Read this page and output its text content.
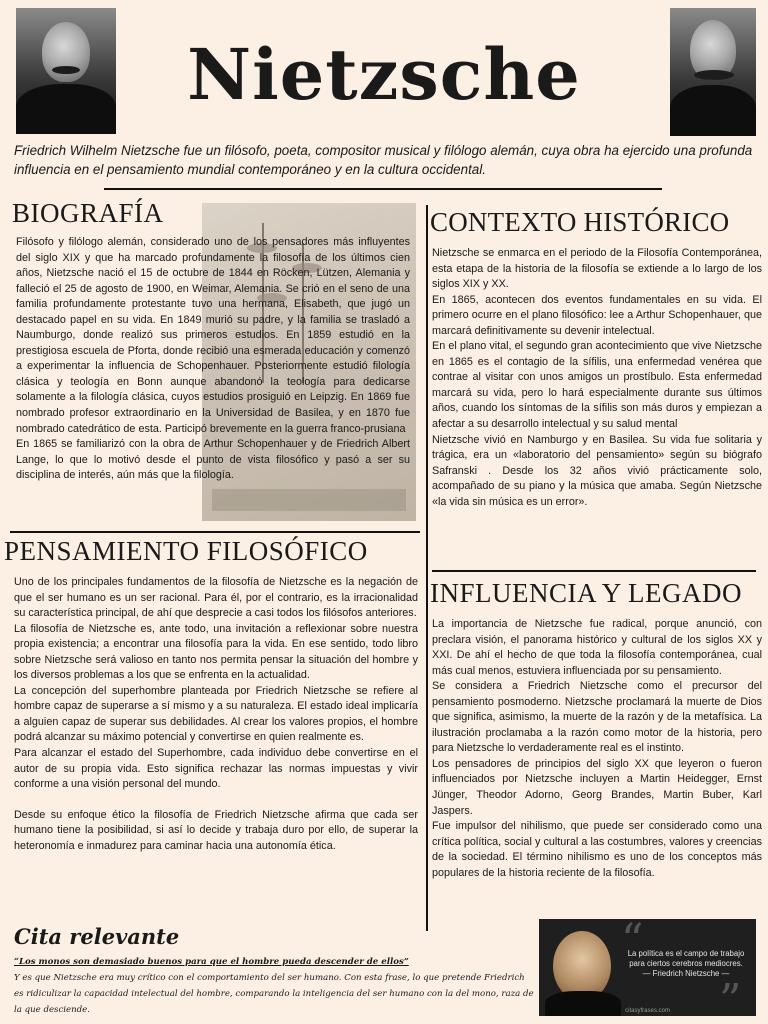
Nietzsche

Friedrich Wilhelm Nietzsche fue un filósofo, poeta, compositor musical y filólogo alemán, cuya obra ha ejercido una profunda influencia en el pensamiento mundial contemporáneo y en la cultura occidental.

BIOGRAFÍA

Filósofo y filólogo alemán, considerado uno de los pensadores más influyentes del siglo XIX y que ha marcado profundamente la filosofía de los últimos cien años, Nietzsche nació el 15 de octubre de 1844 en Röcken, Lützen, Alemania y falleció el 25 de agosto de 1900, en Weimar, Alemania. Se crió en el seno de una familia profundamente protestante tuvo una hermana, Elisabeth, que jugó un destacado papel en su vida. En 1849 murió su padre, y la familia se trasladó a Naumburgo, donde realizó sus primeros estudios. En 1859 estudió en la prestigiosa escuela de Pforta, donde recibió una esmerada educación y comenzó a experimentar la influencia de Schopenhauer. Posteriormente estudió filología clásica y teología en Bonn aunque abandonó la teología para dedicarse solamente a la filología clásica, cuyos estudios prosiguió en Leipzig. En 1869 fue nombrado profesor extraordinario en la Universidad de Basilea, y en 1870 fue nombrado catedrático de esta. Participó brevemente en la guerra franco-prusiana

En 1865 se familiarizó con la obra de Arthur Schopenhauer y de Friedrich Albert Lange, lo que lo motivó desde el punto de vista filosófico y pasó a ser su disciplina de interés, aún más que la filología.

CONTEXTO HISTÓRICO

Nietzsche se enmarca en el periodo de la Filosofía Contemporánea, esta etapa de la historia de la filosofía se extiende a lo largo de los siglos XIX y XX.

En 1865, acontecen dos eventos fundamentales en su vida. El primero ocurre en el plano filosófico: lee a Arthur Schopenhauer, que marcará definitivamente su devenir intelectual.

En el plano vital, el segundo gran acontecimiento que vive Nietzsche en 1865 es el contagio de la sífilis, una enfermedad venérea que contrae al visitar con unos amigos un prostíbulo. Esta enfermedad marcará su vida, pero lo hará especialmente durante sus últimos años, cuando los síntomas de la sífilis son más duros y empiezan a afectar a su desarrollo intelectual y su salud mental

Nietzsche vivió en Namburgo y en Basilea. Su vida fue solitaria y trágica, era un «laboratorio del pensamiento» según su biógrafo Safranski . Desde los 32 años vivió prácticamente solo, acompañado de su piano y la música que amaba. Según Nietzsche «la vida sin música es un error».

PENSAMIENTO FILOSÓFICO

Uno de los principales fundamentos de la filosofía de Nietzsche es la negación de que el ser humano es un ser racional. Para él, por el contrario, es la irracionalidad su característica principal, de ahí que desprecie a casi todos los filósofos anteriores.

La filosofía de Nietzsche es, ante todo, una invitación a reflexionar sobre nuestra propia existencia; a encontrar una filosofía para la vida. En ese sentido, todo libro sobre Nietzsche será valioso en tanto nos permita pensar la situación del hombre y los diversos problemas a los que se enfrenta en la actualidad.

La concepción del superhombre planteada por Friedrich Nietzsche se refiere al hombre capaz de superarse a sí mismo y a su naturaleza. El estado ideal implicaría a alguien capaz de superar sus debilidades. Al crear los valores propios, el hombre podrá alcanzar su máximo potencial y convertirse en quien realmente es.

Para alcanzar el estado del Superhombre, cada individuo debe convertirse en el autor de su propia vida. Esto significa rechazar las normas impuestas y vivir conforme a una visión personal del mundo.

Desde su enfoque ético la filosofía de Friedrich Nietzsche afirma que cada ser humano tiene la posibilidad, si así lo decide y trabaja duro por ello, de superar la heteronomía e inmadurez para caminar hacia una autonomía ética.

INFLUENCIA Y LEGADO

La importancia de Nietzsche fue radical, porque anunció, con preclara visión, el panorama histórico y cultural de los siglos XX y XXI. De ahí el hecho de que toda la filosofía contemporánea, cual más cual menos, estuviera influenciada por su pensamiento.

Se considera a Friedrich Nietzsche como el precursor del pensamiento posmoderno. Nietzsche proclamará la muerte de Dios que significa, asimismo, la muerte de la razón y de la metafísica. La ilustración proclamaba a la razón como motor de la historia, pero para Nietzsche lo verdaderamente real es el instinto.

Los pensadores de principios del siglo XX que leyeron o fueron influenciados por Nietzsche incluyen a Martin Heidegger, Ernst Jünger, Theodor Adorno, Georg Brandes, Martin Buber, Karl Jaspers.

Fue impulsor del nihilismo, que puede ser considerado como una crítica política, social y cultural a las costumbres, valores y creencias de la sociedad. El término nihilismo es uno de los conceptos más populares de la historia reciente de la filosofía.

Cita relevante

“Los monos son demasiado buenos para que el hombre pueda descender de ellos”
Y es que Nietzsche era muy crítico con el comportamiento del ser humano. Con esta frase, lo que pretende Friedrich es ridiculizar la capacidad intelectual del hombre, comparando la inteligencia del ser humano con la del mono, raza de la que desciende.

“
”
La política es el campo de trabajo para ciertos cerebros mediocres.
— Friedrich Nietzsche —
citasyfrases.com
